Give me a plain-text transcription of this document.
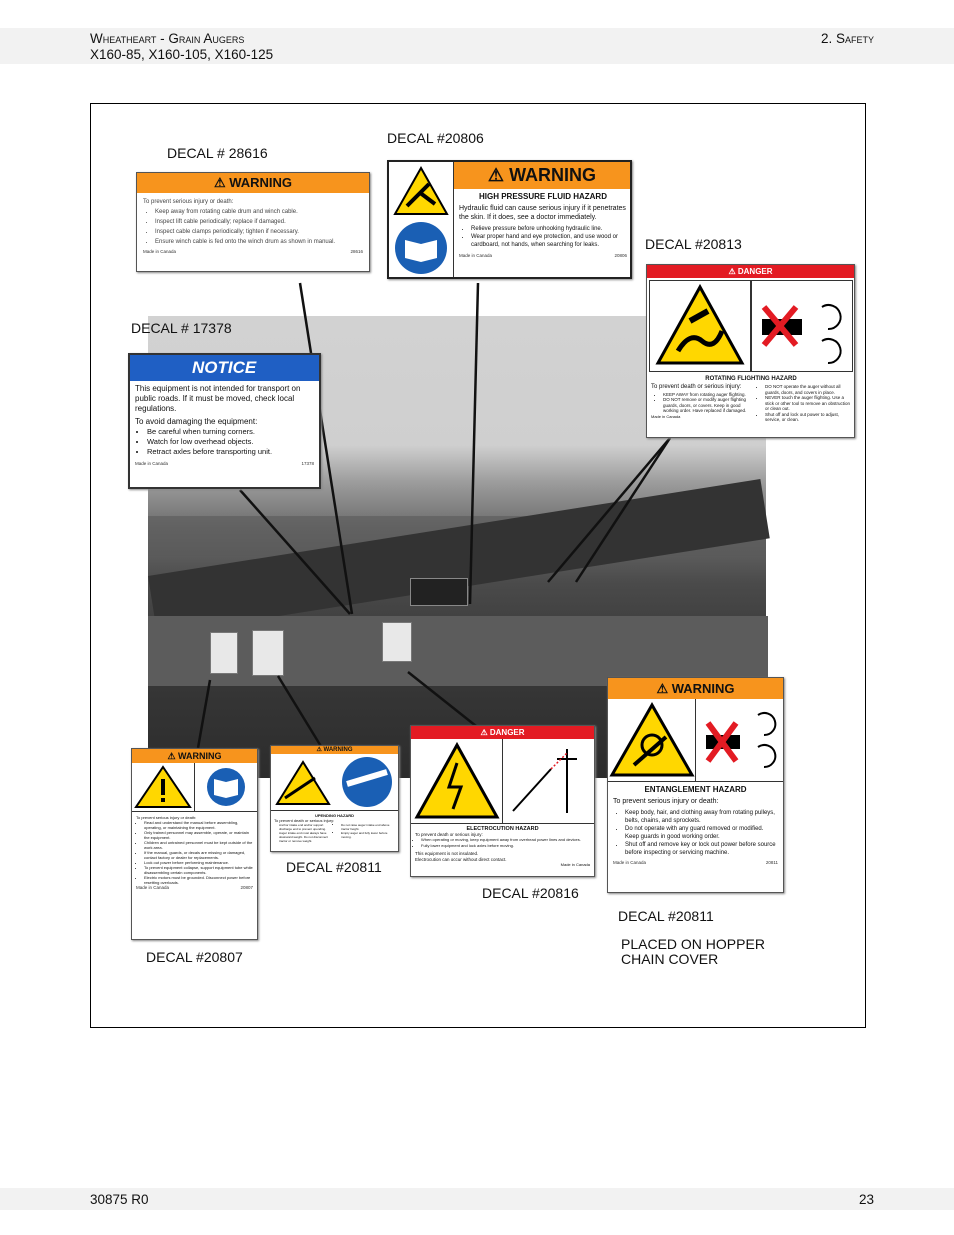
Wheatheart - Grain Augers
X160-85, X160-105, X160-125
2. Safety
30875 R0	23
DECAL # 28616
DECAL #20806
DECAL #20813
DECAL # 17378
DECAL #20811
DECAL #20816
DECAL #20807
DECAL #20811
PLACED ON HOPPER
CHAIN COVER
⚠ WARNING
To prevent serious injury or death:
• Keep away from rotating cable drum and winch cable.
• Inspect lift cable periodically; replace if damaged.
• Inspect cable clamps periodically; tighten if necessary.
• Ensure winch cable is fed onto the winch drum as shown in manual.
Made in Canada	28616
⚠ WARNING
HIGH PRESSURE FLUID HAZARD
Hydraulic fluid can cause serious injury if it penetrates the skin. If it does, see a doctor immediately.
• Relieve pressure before unhooking hydraulic line.
• Wear proper hand and eye protection, and use wood or cardboard, not hands, when searching for leaks.
Made in Canada	20806
⚠ DANGER
ROTATING FLIGHTING HAZARD
To prevent death or serious injury:
• KEEP AWAY from rotating auger flighting.
• DO NOT remove or modify auger flighting guards, doors, or covers. Keep in good working order. Have replaced if damaged.
Made in Canada
• DO NOT operate the auger without all guards, doors, and covers in place.
• NEVER touch the auger flighting. Use a stick or other tool to remove an obstruction or clean out.
• Shut off and lock out power to adjust, service, or clean.
NOTICE
This equipment is not intended for transport on public roads. If it must be moved, check local regulations.
To avoid damaging the equipment:
• Be careful when turning corners.
• Watch for low overhead objects.
• Retract axles before transporting unit.
Made in Canada	17378
⚠ WARNING
To prevent serious injury or death:
• Read and understand the manual before assembling, operating, or maintaining the equipment.
• Only trained personnel may assemble, operate, or maintain the equipment.
• Children and untrained personnel must be kept outside of the work area.
• If the manual, guards, or decals are missing or damaged, contact factory or dealer for replacements.
• Lock out power before performing maintenance.
• To prevent equipment collapse, support equipment tube while disassembling certain components.
• Electric motors must be grounded. Disconnect power before resetting overloads.
Made in Canada	20807
⚠ WARNING
UPENDING HAZARD
To prevent death or serious injury:
• Anchor intake end and/or support discharge end to prevent upending.
• Auger intake end must always have downward weight. Do not disconnect tractor or remove weight.
• Do not raise auger intake end above tractor height.
• Empty auger and fully lower before moving.
⚠ DANGER
ELECTROCUTION HAZARD
To prevent death or serious injury:
• When operating or moving, keep equipment away from overhead power lines and devices.
• Fully lower equipment and lock axles before moving.
This equipment is not insulated.
Electrocution can occur without direct contact.
Made in Canada
⚠ WARNING
ENTANGLEMENT HAZARD
To prevent serious injury or death:
• Keep body, hair, and clothing away from rotating pulleys, belts, chains, and sprockets.
• Do not operate with any guard removed or modified. Keep guards in good working order.
• Shut off and remove key or lock out power before source before inspecting or servicing machine.
Made in Canada	20811
